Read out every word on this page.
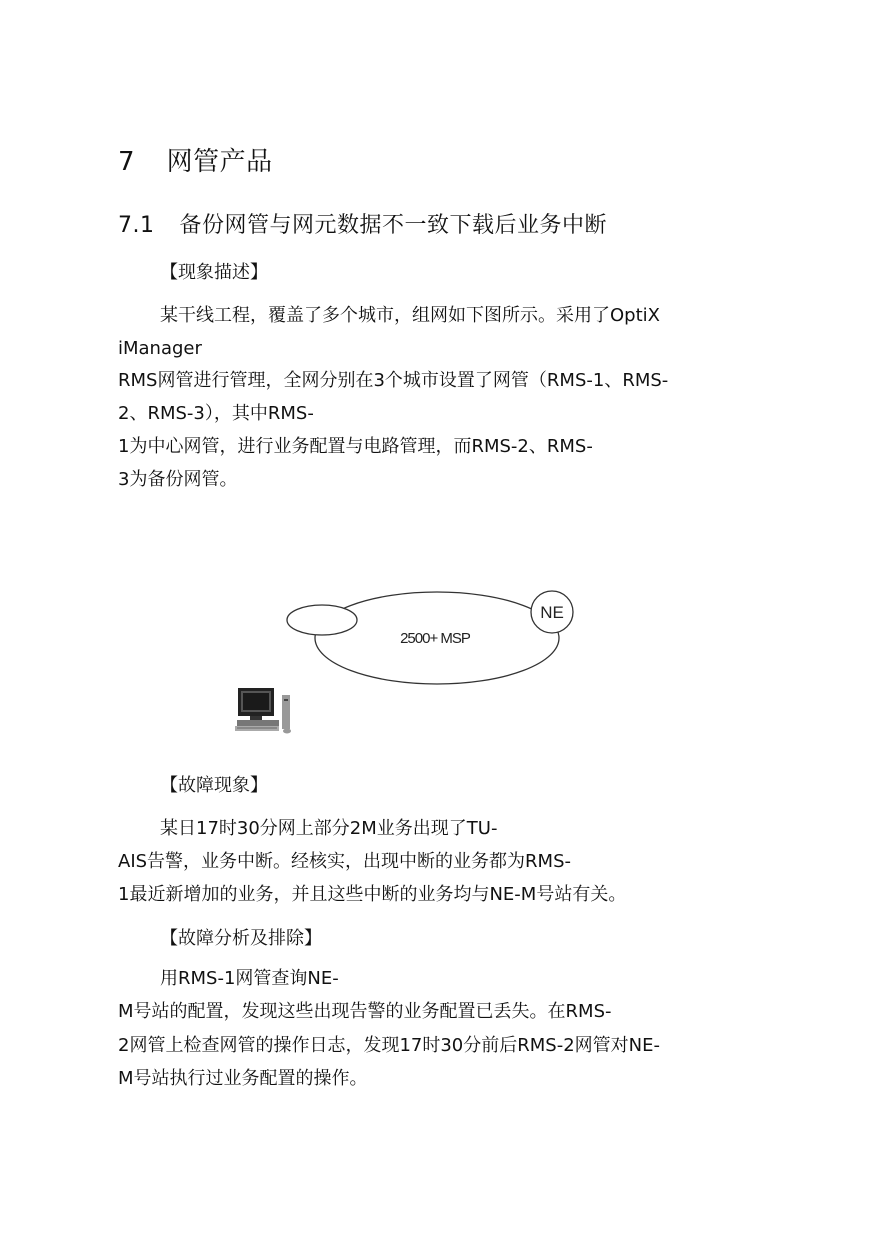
7 网管产品
7.1 备份网管与网元数据不一致下载后业务中断
【现象描述】
某干线工程，覆盖了多个城市，组网如下图所示。采用了OptiX
iManager
RMS网管进行管理，全网分别在3个城市设置了网管（RMS-1、RMS-
2、RMS-3），其中RMS-
1为中心网管，进行业务配置与电路管理，而RMS-2、RMS-
3为备份网管。
NE
2500+ MSP
【故障现象】
某日17时30分网上部分2M业务出现了TU-
AIS告警，业务中断。经核实，出现中断的业务都为RMS-
1最近新增加的业务，并且这些中断的业务均与NE-M号站有关。
【故障分析及排除】
用RMS-1网管查询NE-
M号站的配置，发现这些出现告警的业务配置已丢失。在RMS-
2网管上检查网管的操作日志，发现17时30分前后RMS-2网管对NE-
M号站执行过业务配置的操作。
